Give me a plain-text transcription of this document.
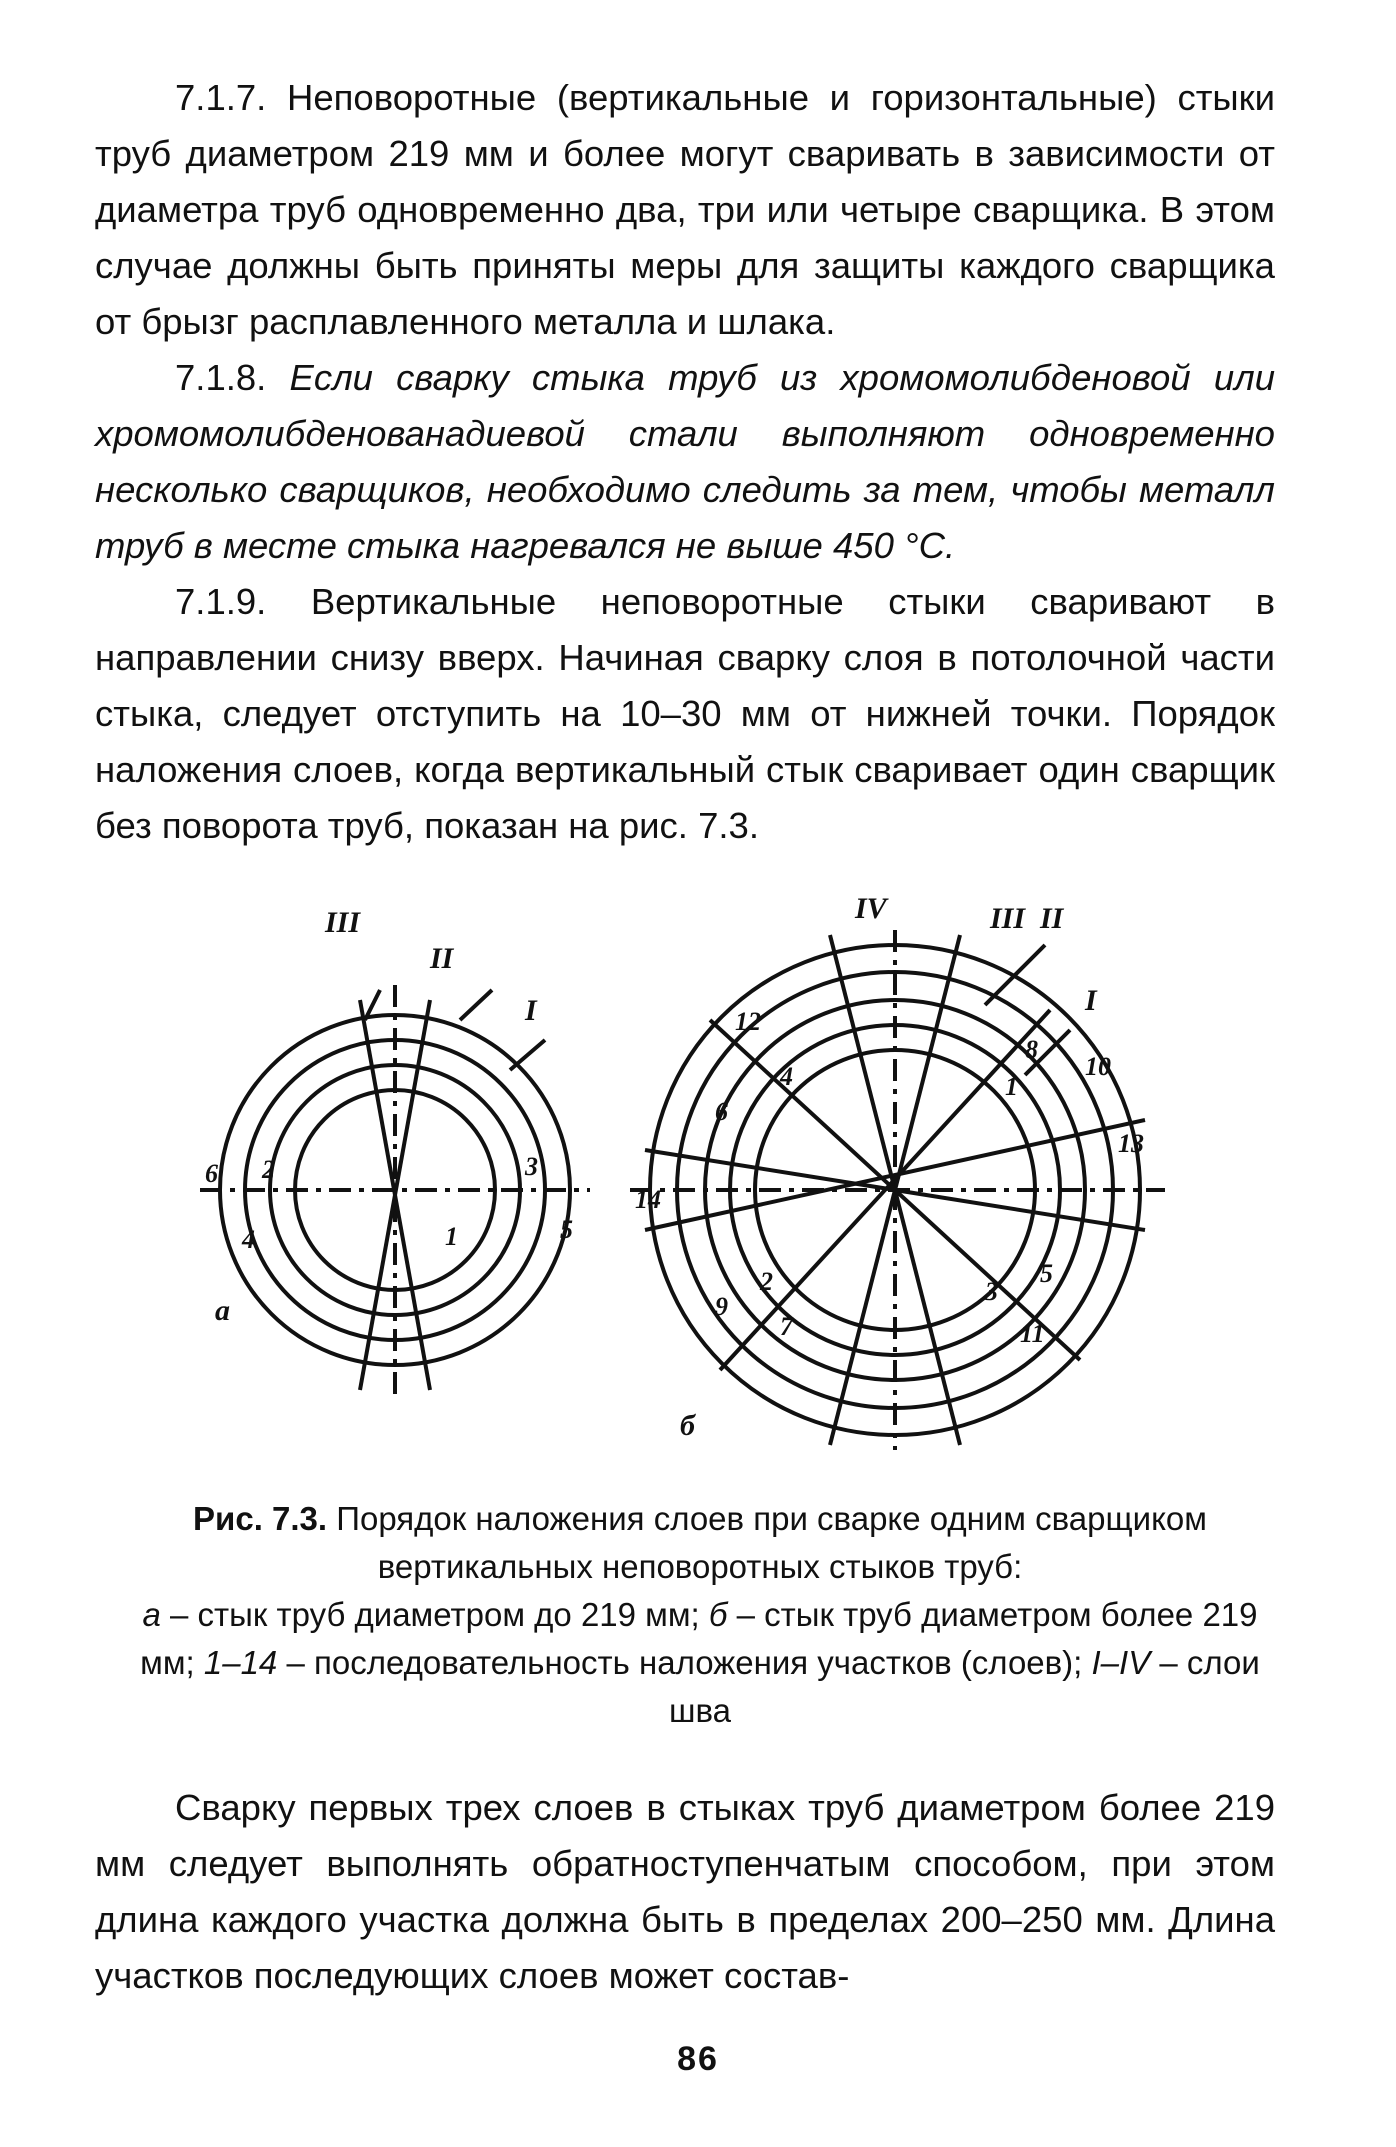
7.1.7. Неповоротные (вертикальные и горизонтальные) стыки труб диаметром 219 мм и более могут сваривать в зависимости от диаметра труб одновременно два, три или четыре сварщика. В этом случае должны быть приняты меры для защиты каждого сварщика от брызг расплавленного металла и шлака.

7.1.8. Если сварку стыка труб из хромомолибденовой или хромомолибденованадиевой стали выполняют одновременно несколько сварщиков, необходимо следить за тем, чтобы металл труб в месте стыка нагревался не выше 450 °С.

7.1.9. Вертикальные неповоротные стыки сваривают в направлении снизу вверх. Начиная сварку слоя в потолочной части стыка, следует отступить на 10–30 мм от нижней точки. Порядок наложения слоев, когда вертикальный стык сваривает один сварщик без поворота труб, показан на рис. 7.3.

III
II
I
а
1
2	3
4	5
6
IV	III II
I
б
1
2	3
4
5
6
7
8
9
10
11
12
13
14
Рис. 7.3. Порядок наложения слоев при сварке одним сварщиком вертикальных неповоротных стыков труб:
а – стык труб диаметром до 219 мм; б – стык труб диаметром более 219 мм; 1–14 – последовательность наложения участков (слоев); I–IV – слои шва

Сварку первых трех слоев в стыках труб диаметром более 219 мм следует выполнять обратноступенчатым способом, при этом длина каждого участка должна быть в пределах 200–250 мм. Длина участков последующих слоев может состав-

86
